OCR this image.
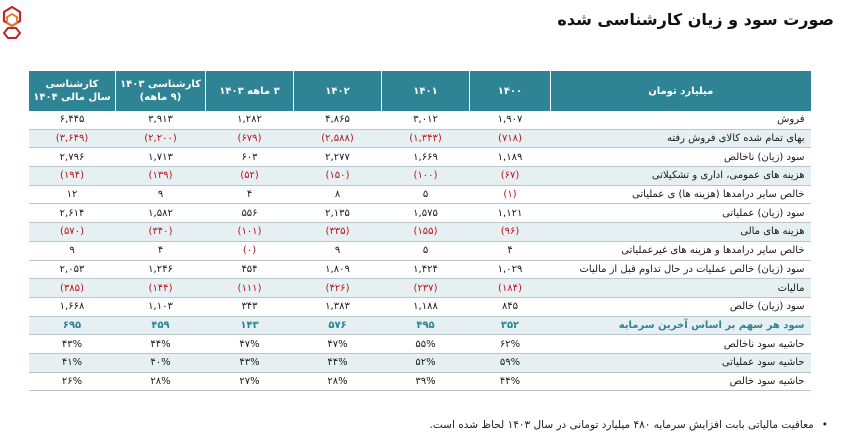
صورت سود و زیان کارشناسی شده
میلیارد تومان	۱۴۰۰	۱۴۰۱	۱۴۰۲	۳ ماهه ۱۴۰۳	کارشناسی ۱۴۰۳ (۹ ماهه)	کارشناسی سال مالی ۱۴۰۴
فروش	۱,۹۰۷	۳,۰۱۲	۴,۸۶۵	۱,۲۸۲	۳,۹۱۳	۶,۴۴۵
بهای تمام شده کالای فروش رفته	(۷۱۸)	(۱,۳۴۳)	(۲,۵۸۸)	(۶۷۹)	(۲,۲۰۰)	(۳,۶۴۹)
سود (زیان) ناخالص	۱,۱۸۹	۱,۶۶۹	۲,۲۷۷	۶۰۳	۱,۷۱۳	۲,۷۹۶
هزینه های عمومی، اداری و تشکیلاتی	(۶۷)	(۱۰۰)	(۱۵۰)	(۵۲)	(۱۳۹)	(۱۹۴)
خالص سایر درامدها (هزینه ها) ی عملیاتی	(۱)	۵	۸	۴	۹	۱۲
سود (زیان) عملیاتی	۱,۱۲۱	۱,۵۷۵	۲,۱۳۵	۵۵۶	۱,۵۸۲	۲,۶۱۴
هزینه های مالی	(۹۶)	(۱۵۵)	(۳۳۵)	(۱۰۱)	(۳۴۰)	(۵۷۰)
خالص سایر درامدها و هزینه های غیرعملیاتی	۴	۵	۹	(۰)	۴	۹
سود (زیان) خالص عملیات در حال تداوم قبل از مالیات	۱,۰۲۹	۱,۴۲۴	۱,۸۰۹	۴۵۴	۱,۲۴۶	۲,۰۵۳
مالیات	(۱۸۴)	(۲۳۷)	(۴۲۶)	(۱۱۱)	(۱۴۴)	(۳۸۵)
سود (زیان) خالص	۸۴۵	۱,۱۸۸	۱,۳۸۳	۳۴۳	۱,۱۰۳	۱,۶۶۸
سود هر سهم بر اساس آخرین سرمایه	۳۵۲	۴۹۵	۵۷۶	۱۴۳	۴۵۹	۶۹۵
حاشیه سود ناخالص	۶۲%	۵۵%	۴۷%	۴۷%	۴۴%	۴۳%
حاشیه سود عملیاتی	۵۹%	۵۲%	۴۴%	۴۳%	۴۰%	۴۱%
حاشیه سود خالص	۴۴%	۳۹%	۲۸%	۲۷%	۲۸%	۲۶%
•معافیت مالیاتی بابت افزایش سرمایه ۴۸۰ میلیارد تومانی در سال ۱۴۰۳ لحاظ شده است.
